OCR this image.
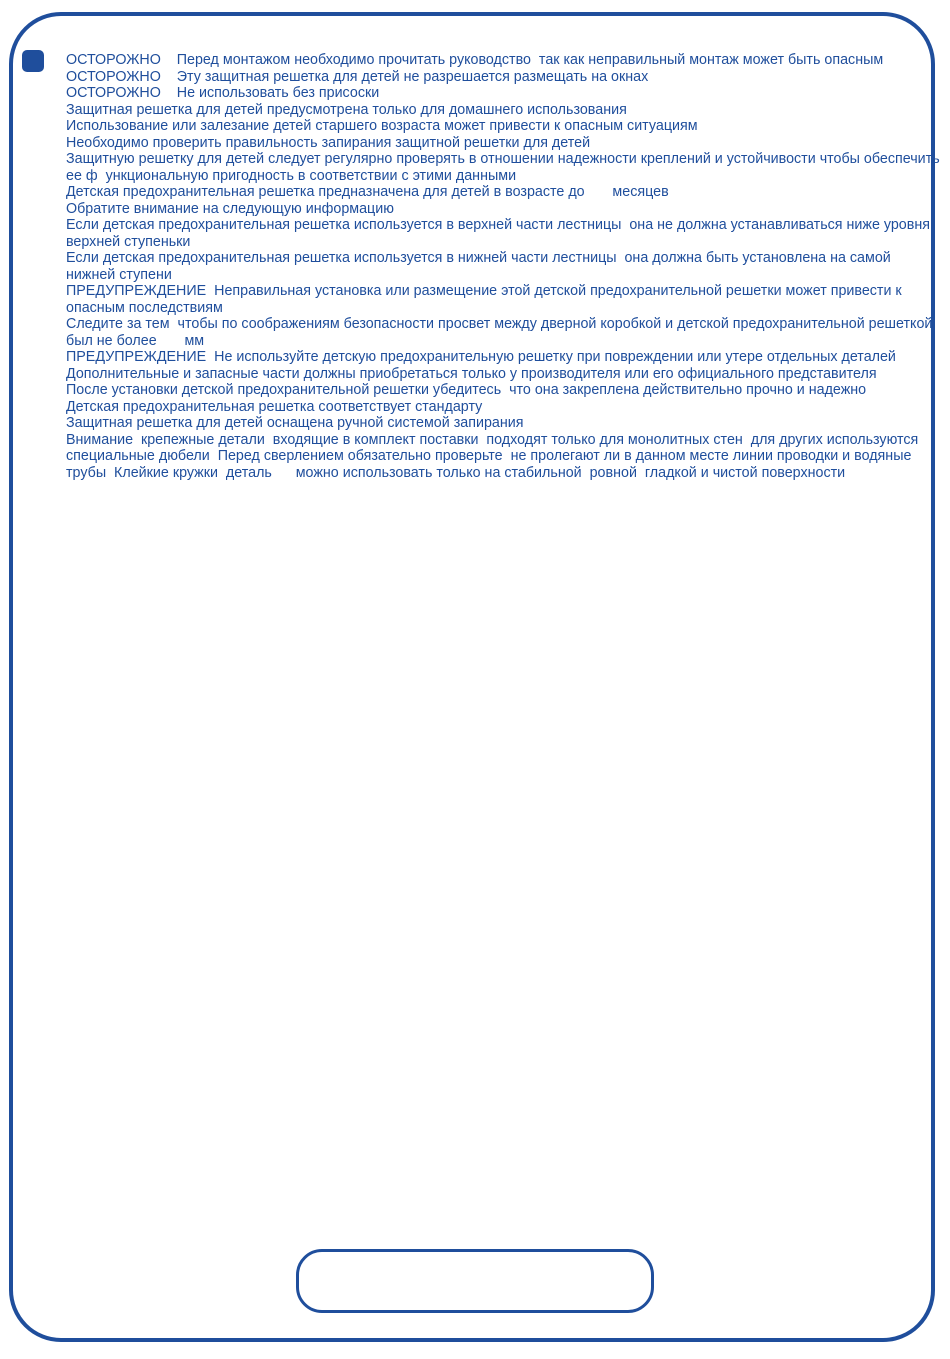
ОСТОРОЖНО    Перед монтажом необходимо прочитать руководство  так как неправильный монтаж может быть опасным
ОСТОРОЖНО    Эту защитная решетка для детей не разрешается размещать на окнах
ОСТОРОЖНО    Не использовать без присоски
Защитная решетка для детей предусмотрена только для домашнего использования
Использование или залезание детей старшего возраста может привести к опасным ситуациям
Необходимо проверить правильность запирания защитной решетки для детей
Защитную решетку для детей следует регулярно проверять в отношении надежности креплений и устойчивости чтобы обеспечить ее ф  ункциональную пригодность в соответствии с этими данными
Детская предохранительная решетка предназначена для детей в возрасте до       месяцев
Обратите внимание на следующую информацию
Если детская предохранительная решетка используется в верхней части лестницы  она не должна устанавливаться ниже уровня верхней ступеньки
Если детская предохранительная решетка используется в нижней части лестницы  она должна быть установлена на самой нижней ступени
ПРЕДУПРЕЖДЕНИЕ  Неправильная установка или размещение этой детской предохранительной решетки может привести к опасным последствиям
Следите за тем  чтобы по соображениям безопасности просвет между дверной коробкой и детской предохранительной решеткой был не более       мм
ПРЕДУПРЕЖДЕНИЕ  Не используйте детскую предохранительную решетку при повреждении или утере отдельных деталей
Дополнительные и запасные части должны приобретаться только у производителя или его официального представителя
После установки детской предохранительной решетки убедитесь  что она закреплена действительно прочно и надежно
Детская предохранительная решетка соответствует стандарту
Защитная решетка для детей оснащена ручной системой запирания
Внимание  крепежные детали  входящие в комплект поставки  подходят только для монолитных стен  для других используются специальные дюбели  Перед сверлением обязательно проверьте  не пролегают ли в данном месте линии проводки и водяные трубы  Клейкие кружки  деталь      можно использовать только на стабильной  ровной  гладкой и чистой поверхности
